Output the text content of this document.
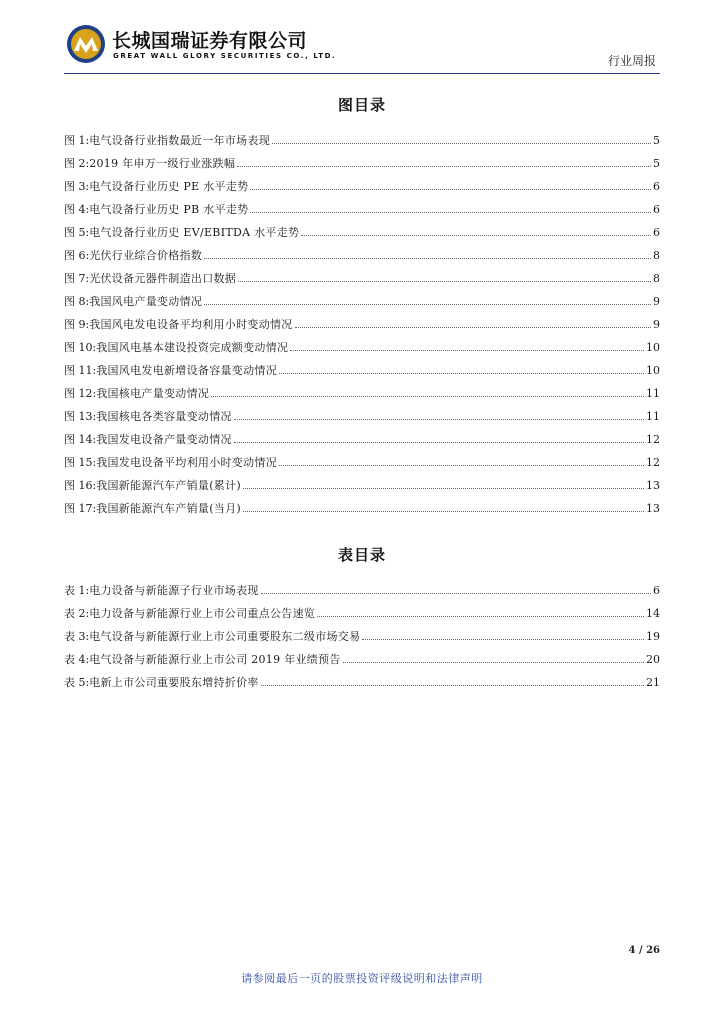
长城国瑞证券有限公司
GREAT WALL GLORY SECURITIES CO., LTD.	行业周报
图目录
图 1: 电气设备行业指数最近一年市场表现	5
图 2: 2019 年申万一级行业涨跌幅	5
图 3: 电气设备行业历史 PE 水平走势	6
图 4: 电气设备行业历史 PB 水平走势	6
图 5: 电气设备行业历史 EV/EBITDA 水平走势	6
图 6: 光伏行业综合价格指数	8
图 7: 光伏设备元器件制造出口数据	8
图 8: 我国风电产量变动情况	9
图 9: 我国风电发电设备平均利用小时变动情况	9
图 10: 我国风电基本建设投资完成额变动情况	10
图 11: 我国风电发电新增设备容量变动情况	10
图 12: 我国核电产量变动情况	11
图 13: 我国核电各类容量变动情况	11
图 14: 我国发电设备产量变动情况	12
图 15: 我国发电设备平均利用小时变动情况	12
图 16: 我国新能源汽车产销量(累计)	13
图 17: 我国新能源汽车产销量(当月)	13
表目录
表 1: 电力设备与新能源子行业市场表现	6
表 2: 电力设备与新能源行业上市公司重点公告速览	14
表 3: 电气设备与新能源行业上市公司重要股东二级市场交易	19
表 4: 电气设备与新能源行业上市公司 2019 年业绩预告	20
表 5: 电新上市公司重要股东增持折价率	21
4 / 26
请参阅最后一页的股票投资评级说明和法律声明
